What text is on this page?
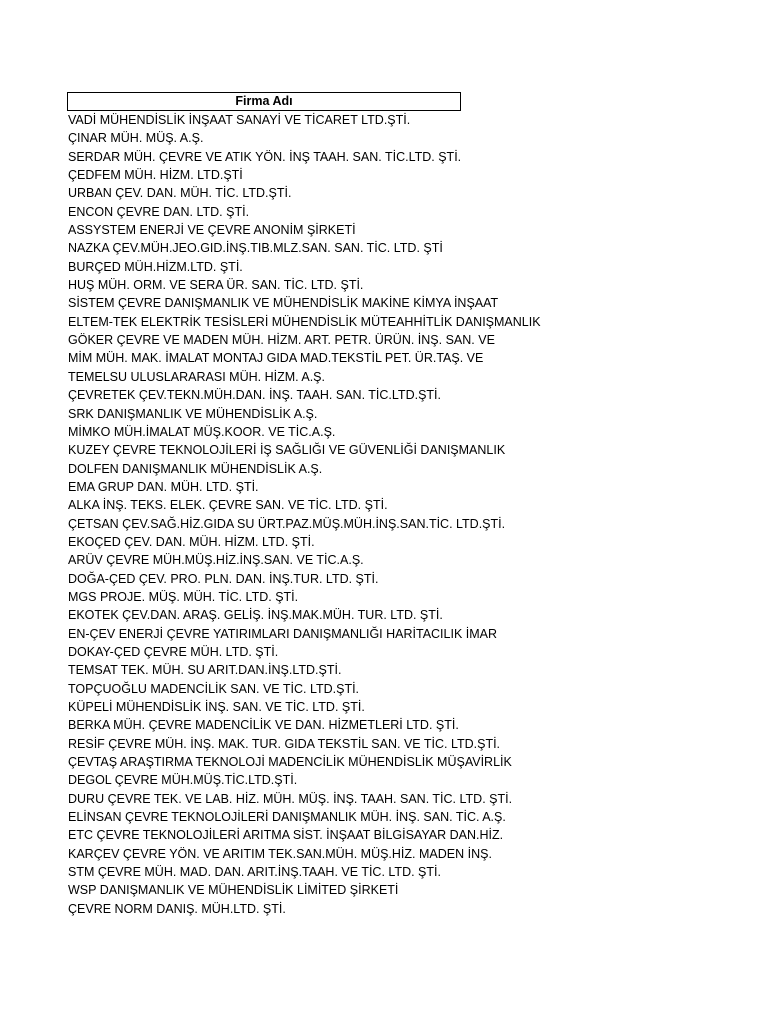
Firma Adı
VADİ MÜHENDİSLİK İNŞAAT SANAYİ VE TİCARET LTD.ŞTİ.
ÇINAR MÜH. MÜŞ. A.Ş.
SERDAR MÜH. ÇEVRE VE ATIK YÖN. İNŞ TAAH. SAN. TİC.LTD. ŞTİ.
ÇEDFEM MÜH. HİZM. LTD.ŞTİ
URBAN ÇEV. DAN. MÜH. TİC. LTD.ŞTİ.
ENCON ÇEVRE DAN. LTD. ŞTİ.
ASSYSTEM ENERJİ VE ÇEVRE ANONİM ŞİRKETİ
NAZKA ÇEV.MÜH.JEO.GID.İNŞ.TIB.MLZ.SAN. SAN. TİC. LTD. ŞTİ
BURÇED MÜH.HİZM.LTD. ŞTİ.
HUŞ MÜH. ORM. VE SERA ÜR. SAN. TİC. LTD. ŞTİ.
SİSTEM ÇEVRE DANIŞMANLIK VE MÜHENDİSLİK MAKİNE KİMYA İNŞAAT
ELTEM-TEK ELEKTRİK TESİSLERİ MÜHENDİSLİK MÜTEAHHİTLİK DANIŞMANLIK
GÖKER ÇEVRE VE MADEN MÜH. HİZM. ART. PETR. ÜRÜN. İNŞ. SAN. VE
MİM MÜH. MAK. İMALAT MONTAJ GIDA MAD.TEKSTİL PET. ÜR.TAŞ. VE
TEMELSU ULUSLARARASI MÜH. HİZM. A.Ş.
ÇEVRETEK ÇEV.TEKN.MÜH.DAN. İNŞ. TAAH. SAN. TİC.LTD.ŞTİ.
SRK DANIŞMANLIK VE MÜHENDİSLİK A.Ş.
MİMKO MÜH.İMALAT MÜŞ.KOOR. VE TİC.A.Ş.
KUZEY ÇEVRE TEKNOLOJİLERİ İŞ SAĞLIĞI VE GÜVENLİĞİ DANIŞMANLIK
DOLFEN DANIŞMANLIK MÜHENDİSLİK A.Ş.
EMA GRUP DAN. MÜH. LTD. ŞTİ.
ALKA İNŞ. TEKS. ELEK. ÇEVRE SAN. VE TİC. LTD. ŞTİ.
ÇETSAN ÇEV.SAĞ.HİZ.GIDA SU ÜRT.PAZ.MÜŞ.MÜH.İNŞ.SAN.TİC. LTD.ŞTİ.
EKOÇED ÇEV. DAN. MÜH. HİZM. LTD. ŞTİ.
ARÜV ÇEVRE MÜH.MÜŞ.HİZ.İNŞ.SAN. VE TİC.A.Ş.
DOĞA-ÇED ÇEV. PRO. PLN. DAN. İNŞ.TUR. LTD. ŞTİ.
MGS PROJE. MÜŞ. MÜH. TİC. LTD. ŞTİ.
EKOTEK ÇEV.DAN. ARAŞ. GELİŞ. İNŞ.MAK.MÜH. TUR. LTD. ŞTİ.
EN-ÇEV ENERJİ ÇEVRE YATIRIMLARI DANIŞMANLIĞI HARİTACILIK İMAR
DOKAY-ÇED ÇEVRE MÜH. LTD. ŞTİ.
TEMSAT TEK. MÜH. SU ARIT.DAN.İNŞ.LTD.ŞTİ.
TOPÇUOĞLU MADENCİLİK SAN. VE TİC. LTD.ŞTİ.
KÜPELİ MÜHENDİSLİK İNŞ. SAN. VE TİC. LTD. ŞTİ.
BERKA MÜH. ÇEVRE MADENCİLİK VE DAN. HİZMETLERİ LTD. ŞTİ.
RESİF ÇEVRE MÜH. İNŞ. MAK. TUR. GIDA TEKSTİL SAN. VE TİC. LTD.ŞTİ.
ÇEVTAŞ ARAŞTIRMA TEKNOLOJİ MADENCİLİK MÜHENDİSLİK MÜŞAVİRLİK
DEGOL ÇEVRE MÜH.MÜŞ.TİC.LTD.ŞTİ.
DURU ÇEVRE TEK. VE LAB. HİZ. MÜH. MÜŞ. İNŞ. TAAH. SAN. TİC. LTD. ŞTİ.
ELİNSAN ÇEVRE TEKNOLOJİLERİ DANIŞMANLIK MÜH. İNŞ. SAN. TİC. A.Ş.
ETC ÇEVRE TEKNOLOJİLERİ ARITMA SİST. İNŞAAT BİLGİSAYAR DAN.HİZ.
KARÇEV ÇEVRE YÖN. VE ARITIM TEK.SAN.MÜH. MÜŞ.HİZ. MADEN İNŞ.
STM ÇEVRE MÜH. MAD. DAN. ARIT.İNŞ.TAAH. VE TİC. LTD. ŞTİ.
WSP DANIŞMANLIK VE MÜHENDİSLİK LİMİTED ŞİRKETİ
ÇEVRE NORM DANIŞ. MÜH.LTD. ŞTİ.
